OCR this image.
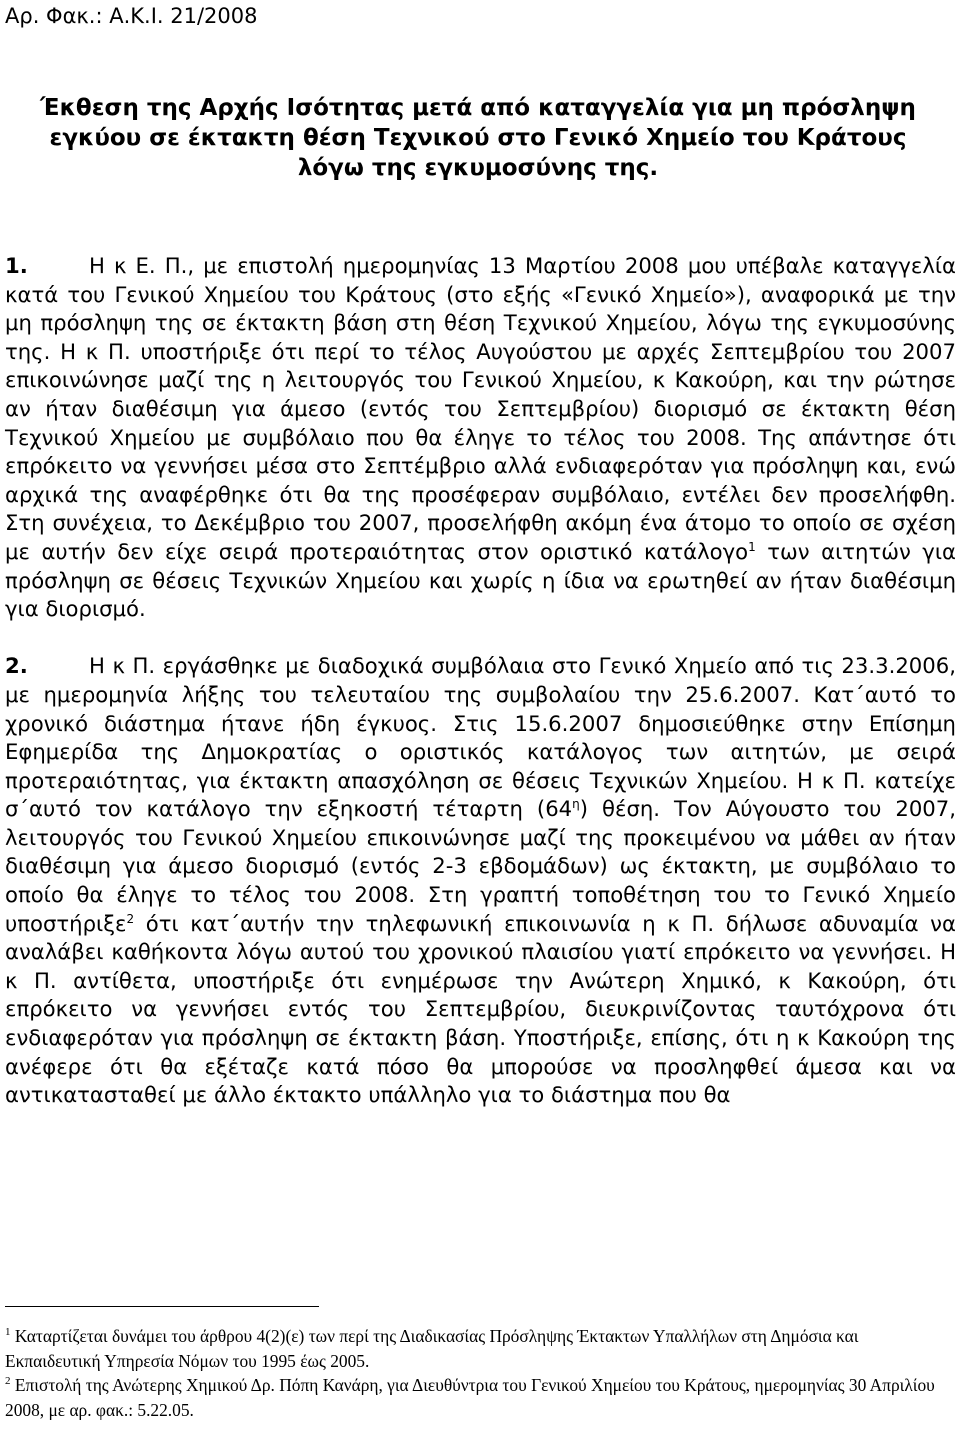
Αρ. Φακ.: Α.Κ.Ι. 21/2008
Έκθεση της Αρχής Ισότητας μετά από καταγγελία για μη πρόσληψη
εγκύου σε έκτακτη θέση Τεχνικού στο Γενικό Χημείο του Κράτους
λόγω της εγκυμοσύνης της.

1.	Η κ Ε. Π., με επιστολή ημερομηνίας 13 Μαρτίου 2008 μου υπέβαλε καταγγελία κατά του Γενικού Χημείου του Κράτους (στο εξής «Γενικό Χημείο»), αναφορικά με την μη πρόσληψη της σε έκτακτη βάση στη θέση Τεχνικού Χημείου, λόγω της εγκυμοσύνης της. Η κ Π. υποστήριξε ότι περί το τέλος Αυγούστου με αρχές Σεπτεμβρίου του 2007 επικοινώνησε μαζί της η λειτουργός του Γενικού Χημείου, κ Κακούρη, και την ρώτησε αν ήταν διαθέσιμη για άμεσο (εντός του Σεπτεμβρίου) διορισμό σε έκτακτη θέση Τεχνικού Χημείου με συμβόλαιο που θα έληγε το τέλος του 2008. Της απάντησε ότι επρόκειτο να γεννήσει μέσα στο Σεπτέμβριο αλλά ενδιαφερόταν για πρόσληψη και, ενώ αρχικά της αναφέρθηκε ότι θα της προσέφεραν συμβόλαιο, εντέλει δεν προσελήφθη. Στη συνέχεια, το Δεκέμβριο του 2007, προσελήφθη ακόμη ένα άτομο το οποίο σε σχέση με αυτήν δεν είχε σειρά προτεραιότητας στον οριστικό κατάλογο$^1$ των αιτητών για πρόσληψη σε θέσεις Τεχνικών Χημείου και χωρίς η ίδια να ερωτηθεί αν ήταν διαθέσιμη για διορισμό.

2.	Η κ Π. εργάσθηκε με διαδοχικά συμβόλαια στο Γενικό Χημείο από τις 23.3.2006, με ημερομηνία λήξης του τελευταίου της συμβολαίου την 25.6.2007. Κατ΄αυτό το χρονικό διάστημα ήτανε ήδη έγκυος. Στις 15.6.2007 δημοσιεύθηκε στην Επίσημη Εφημερίδα της Δημοκρατίας ο οριστικός κατάλογος των αιτητών, με σειρά προτεραιότητας, για έκτακτη απασχόληση σε θέσεις Τεχνικών Χημείου. Η κ Π. κατείχε σ΄αυτό τον κατάλογο την εξηκοστή τέταρτη $(64^\eta)$ θέση. Τον Αύγουστο του 2007, λειτουργός του Γενικού Χημείου επικοινώνησε μαζί της προκειμένου να μάθει αν ήταν διαθέσιμη για άμεσο διορισμό (εντός 2-3 εβδομάδων) ως έκτακτη, με συμβόλαιο το οποίο θα έληγε το τέλος του 2008. Στη γραπτή τοποθέτηση του το Γενικό Χημείο υποστήριξε$^2$ ότι κατ΄αυτήν την τηλεφωνική επικοινωνία η κ Π. δήλωσε αδυναμία να αναλάβει καθήκοντα λόγω αυτού του χρονικού πλαισίου γιατί επρόκειτο να γεννήσει. Η κ Π. αντίθετα, υποστήριξε ότι ενημέρωσε την Ανώτερη Χημικό, κ Κακούρη, ότι επρόκειτο να γεννήσει εντός του Σεπτεμβρίου, διευκρινίζοντας ταυτόχρονα ότι ενδιαφερόταν για πρόσληψη σε έκτακτη βάση. Υποστήριξε, επίσης, ότι η κ Κακούρη της ανέφερε ότι θα εξέταζε κατά πόσο θα μπορούσε να προσληφθεί άμεσα και να αντικατασταθεί με άλλο έκτακτο υπάλληλο για το διάστημα που θα

$^1$ Καταρτίζεται δυνάμει του άρθρου 4(2)(ε) των περί της Διαδικασίας Πρόσληψης Έκτακτων Υπαλλήλων στη Δημόσια και Εκπαιδευτική Υπηρεσία Νόμων του 1995 έως 2005.

$^2$ Επιστολή της Ανώτερης Χημικού Δρ. Πόπη Κανάρη, για Διευθύντρια του Γενικού Χημείου του Κράτους, ημερομηνίας 30 Απριλίου 2008, με αρ. φακ.: 5.22.05.
